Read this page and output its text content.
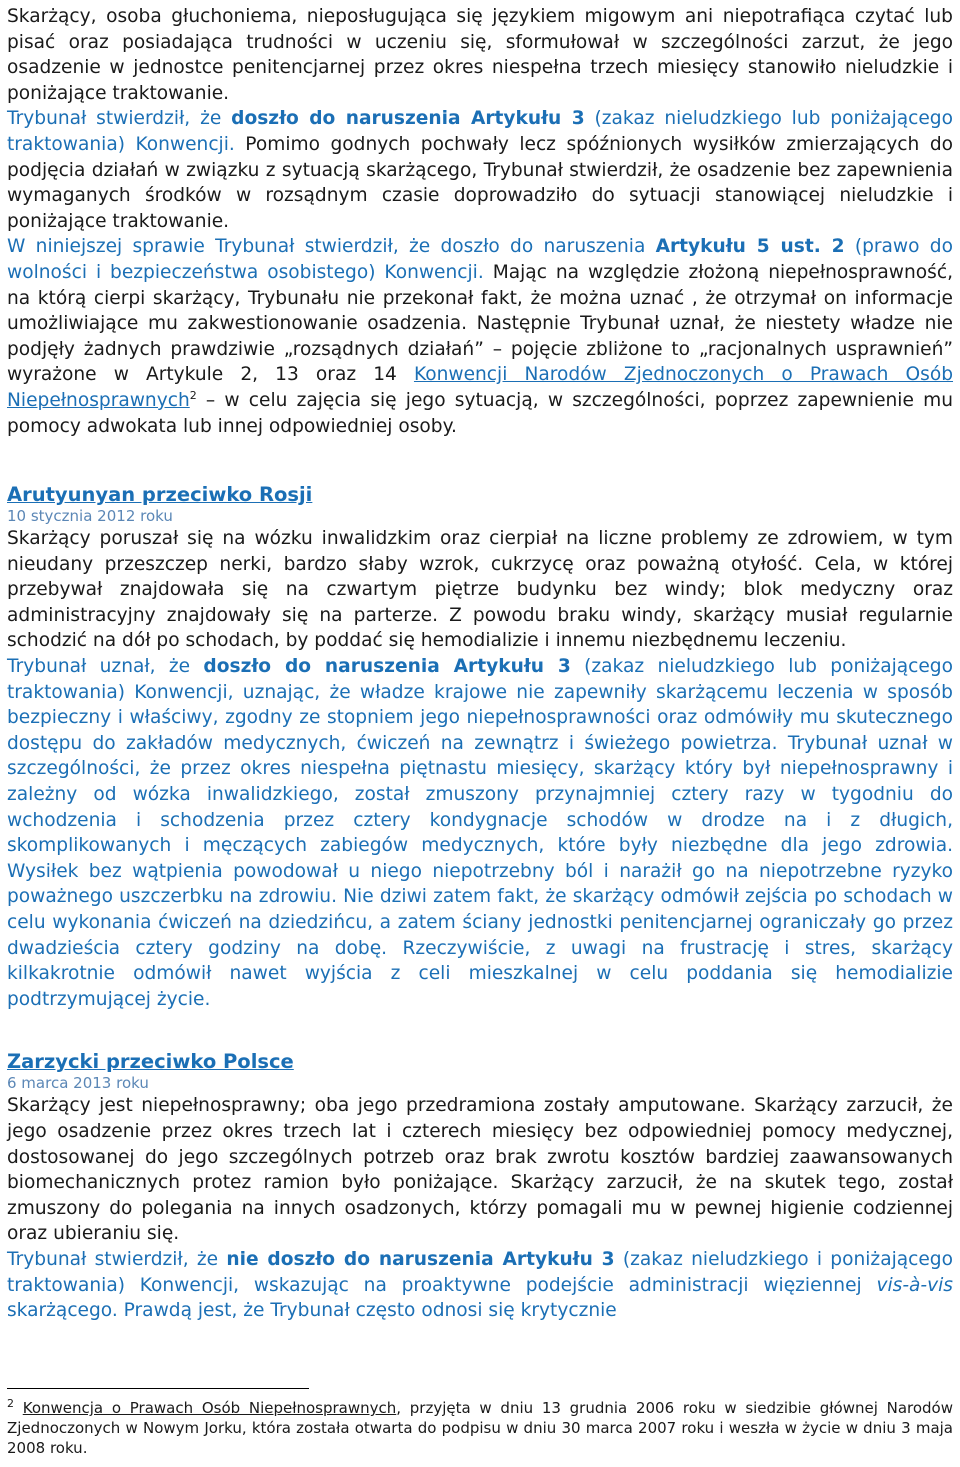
Skarżący, osoba głuchoniema, nieposługująca się językiem migowym ani niepotrafiąca czytać lub pisać oraz posiadająca trudności w uczeniu się, sformułował w szczególności zarzut, że jego osadzenie w jednostce penitencjarnej przez okres niespełna trzech miesięcy stanowiło nieludzkie i poniżające traktowanie.

Trybunał stwierdził, że doszło do naruszenia Artykułu 3 (zakaz nieludzkiego lub poniżającego traktowania) Konwencji. Pomimo godnych pochwały lecz spóźnionych wysiłków zmierzających do podjęcia działań w związku z sytuacją skarżącego, Trybunał stwierdził, że osadzenie bez zapewnienia wymaganych środków w rozsądnym czasie doprowadziło do sytuacji stanowiącej nieludzkie i poniżające traktowanie.

W niniejszej sprawie Trybunał stwierdził, że doszło do naruszenia Artykułu 5 ust. 2 (prawo do wolności i bezpieczeństwa osobistego) Konwencji. Mając na względzie złożoną niepełnosprawność, na którą cierpi skarżący, Trybunału nie przekonał fakt, że można uznać , że otrzymał on informacje umożliwiające mu zakwestionowanie osadzenia. Następnie Trybunał uznał, że niestety władze nie podjęły żadnych prawdziwie „rozsądnych działań” – pojęcie zbliżone to „racjonalnych usprawnień” wyrażone w Artykule 2, 13 oraz 14 Konwencji Narodów Zjednoczonych o Prawach Osób Niepełnosprawnych$^2$ – w celu zajęcia się jego sytuacją, w szczególności, poprzez zapewnienie mu pomocy adwokata lub innej odpowiedniej osoby.

Arutyunyan przeciwko Rosji
10 stycznia 2012 roku

Skarżący poruszał się na wózku inwalidzkim oraz cierpiał na liczne problemy ze zdrowiem, w tym nieudany przeszczep nerki, bardzo słaby wzrok, cukrzycę oraz poważną otyłość. Cela, w której przebywał znajdowała się na czwartym piętrze budynku bez windy; blok medyczny oraz administracyjny znajdowały się na parterze. Z powodu braku windy, skarżący musiał regularnie schodzić na dół po schodach, by poddać się hemodializie i innemu niezbędnemu leczeniu.

Trybunał uznał, że doszło do naruszenia Artykułu 3 (zakaz nieludzkiego lub poniżającego traktowania) Konwencji, uznając, że władze krajowe nie zapewniły skarżącemu leczenia w sposób bezpieczny i właściwy, zgodny ze stopniem jego niepełnosprawności oraz odmówiły mu skutecznego dostępu do zakładów medycznych, ćwiczeń na zewnątrz i świeżego powietrza. Trybunał uznał w szczególności, że przez okres niespełna piętnastu miesięcy, skarżący który był niepełnosprawny i zależny od wózka inwalidzkiego, został zmuszony przynajmniej cztery razy w tygodniu do wchodzenia i schodzenia przez cztery kondygnacje schodów w drodze na i z długich, skomplikowanych i męczących zabiegów medycznych, które były niezbędne dla jego zdrowia. Wysiłek bez wątpienia powodował u niego niepotrzebny ból i narażił go na niepotrzebne ryzyko poważnego uszczerbku na zdrowiu. Nie dziwi zatem fakt, że skarżący odmówił zejścia po schodach w celu wykonania ćwiczeń na dziedzińcu, a zatem ściany jednostki penitencjarnej ograniczały go przez dwadzieścia cztery godziny na dobę. Rzeczywiście, z uwagi na frustrację i stres, skarżący kilkakrotnie odmówił nawet wyjścia z celi mieszkalnej w celu poddania się hemodializie podtrzymującej życie.

Zarzycki przeciwko Polsce
6 marca 2013 roku

Skarżący jest niepełnosprawny; oba jego przedramiona zostały amputowane. Skarżący zarzucił, że jego osadzenie przez okres trzech lat i czterech miesięcy bez odpowiedniej pomocy medycznej, dostosowanej do jego szczególnych potrzeb oraz brak zwrotu kosztów bardziej zaawansowanych biomechanicznych protez ramion było poniżające. Skarżący zarzucił, że na skutek tego, został zmuszony do polegania na innych osadzonych, którzy pomagali mu w pewnej higienie codziennej oraz ubieraniu się.

Trybunał stwierdził, że nie doszło do naruszenia Artykułu 3 (zakaz nieludzkiego i poniżającego traktowania) Konwencji, wskazując na proaktywne podejście administracji więziennej vis-à-vis skarżącego. Prawdą jest, że Trybunał często odnosi się krytycznie

$^2$ Konwencja o Prawach Osób Niepełnosprawnych, przyjęta w dniu 13 grudnia 2006 roku w siedzibie głównej Narodów Zjednoczonych w Nowym Jorku, która została otwarta do podpisu w dniu 30 marca 2007 roku i weszła w życie w dniu 3 maja 2008 roku.
